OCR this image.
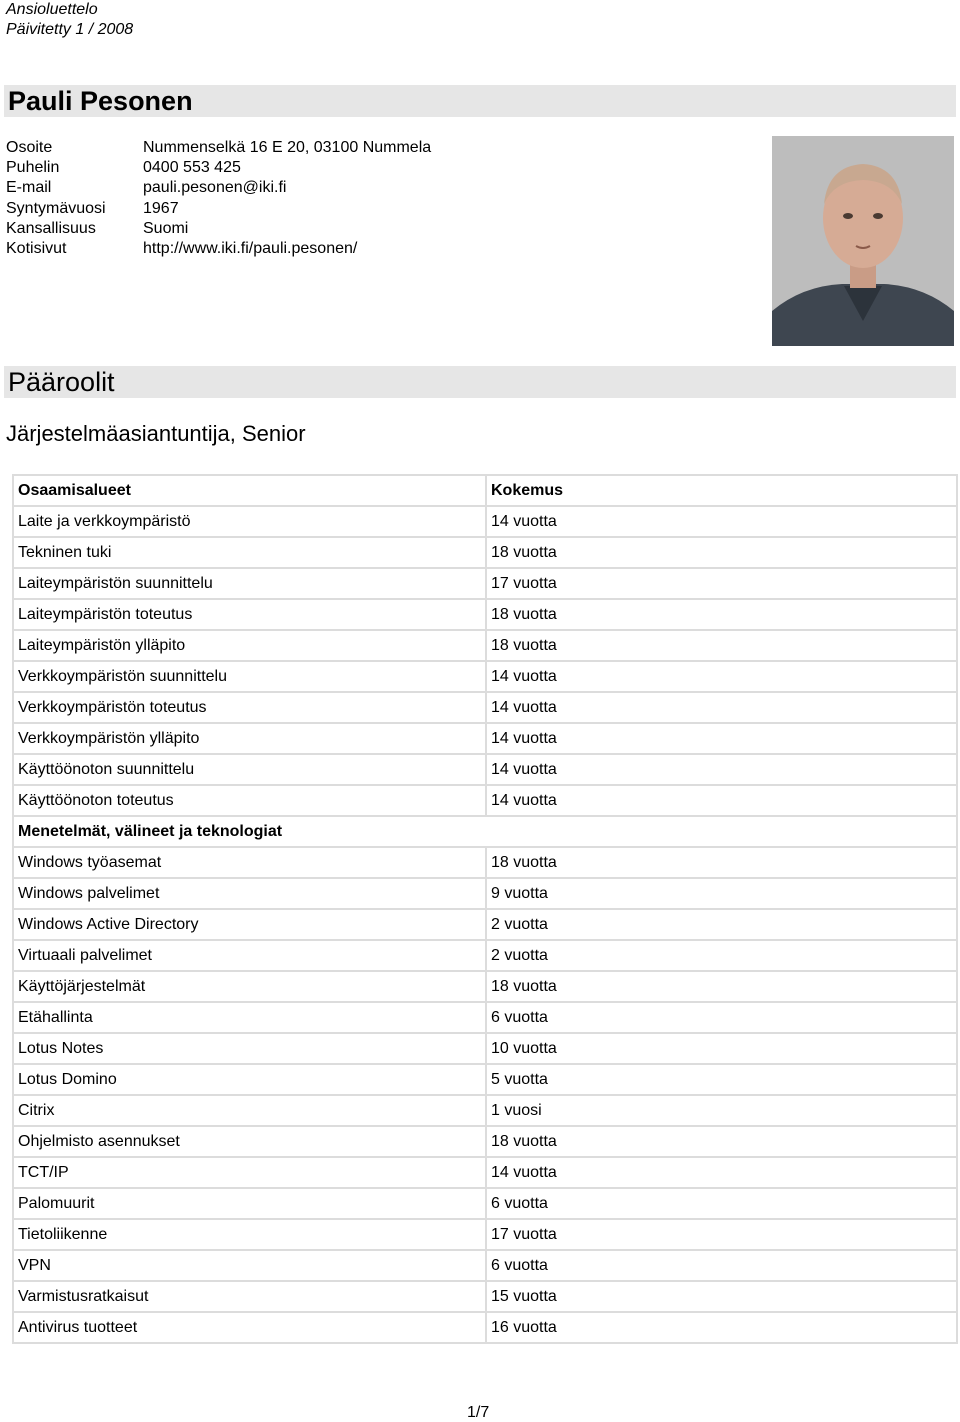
Ansioluettelo
Päivitetty 1 / 2008
Pauli Pesonen
Osoite	Nummenselkä 16 E 20, 03100 Nummela
Puhelin	0400 553 425
E-mail	pauli.pesonen@iki.fi
Syntymävuosi	1967
Kansallisuus	Suomi
Kotisivut	http://www.iki.fi/pauli.pesonen/
Pääroolit
Järjestelmäasiantuntija, Senior
Osaamisalueet	Kokemus
Laite ja verkkoympäristö	14 vuotta
Tekninen tuki	18 vuotta
Laiteympäristön suunnittelu	17 vuotta
Laiteympäristön toteutus	18 vuotta
Laiteympäristön ylläpito	18 vuotta
Verkkoympäristön suunnittelu	14 vuotta
Verkkoympäristön toteutus	14 vuotta
Verkkoympäristön ylläpito	14 vuotta
Käyttöönoton suunnittelu	14 vuotta
Käyttöönoton toteutus	14 vuotta
Menetelmät, välineet ja teknologiat	
Windows työasemat	18 vuotta
Windows palvelimet	9 vuotta
Windows Active Directory	2 vuotta
Virtuaali palvelimet	2 vuotta
Käyttöjärjestelmät	18 vuotta
Etähallinta	6 vuotta
Lotus Notes	10 vuotta
Lotus Domino	5 vuotta
Citrix	1 vuosi
Ohjelmisto asennukset	18 vuotta
TCT/IP	14 vuotta
Palomuurit	6 vuotta
Tietoliikenne	17 vuotta
VPN	6 vuotta
Varmistusratkaisut	15 vuotta
Antivirus tuotteet	16 vuotta
1/7
